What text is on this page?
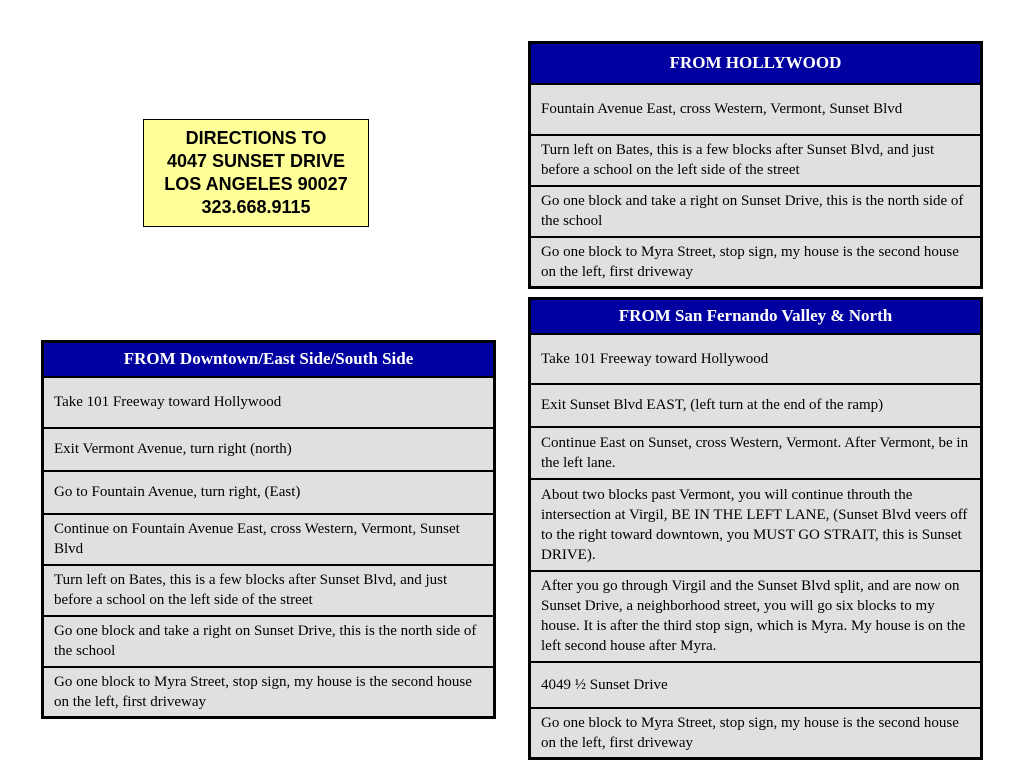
DIRECTIONS TO
4047 SUNSET DRIVE
LOS ANGELES 90027
323.668.9115
FROM HOLLYWOOD
Fountain Avenue East, cross Western, Vermont, Sunset Blvd
Turn left on Bates, this is a few blocks after Sunset Blvd, and just before a school on the left side of the street
Go one block and take a right on Sunset Drive, this is the north side of the school
Go one block to Myra Street, stop sign, my house is the second house on the left, first driveway
FROM San Fernando Valley & North
Take 101 Freeway toward Hollywood
Exit Sunset Blvd EAST, (left turn at the end of the ramp)
Continue East on Sunset, cross Western, Vermont. After Vermont, be in the left lane.
About two blocks past Vermont, you will continue throuth the intersection at Virgil, BE IN THE LEFT LANE, (Sunset Blvd veers off to the right toward downtown, you MUST GO STRAIT, this is Sunset DRIVE).
After you go through Virgil and the Sunset Blvd split, and are now on Sunset Drive, a neighborhood street, you will go six blocks to my house. It is after the third stop sign, which is Myra. My house is on the left second house after Myra.
4049 ½ Sunset Drive
Go one block to Myra Street, stop sign, my house is the second house on the left, first driveway
FROM Downtown/East Side/South Side
Take 101 Freeway toward Hollywood
Exit Vermont Avenue, turn right (north)
Go to Fountain Avenue, turn right, (East)
Continue on Fountain Avenue East, cross Western, Vermont, Sunset Blvd
Turn left on Bates, this is a few blocks after Sunset Blvd, and just before a school on the left side of the street
Go one block and take a right on Sunset Drive, this is the north side of the school
Go one block to Myra Street, stop sign, my house is the second house on the left, first driveway
